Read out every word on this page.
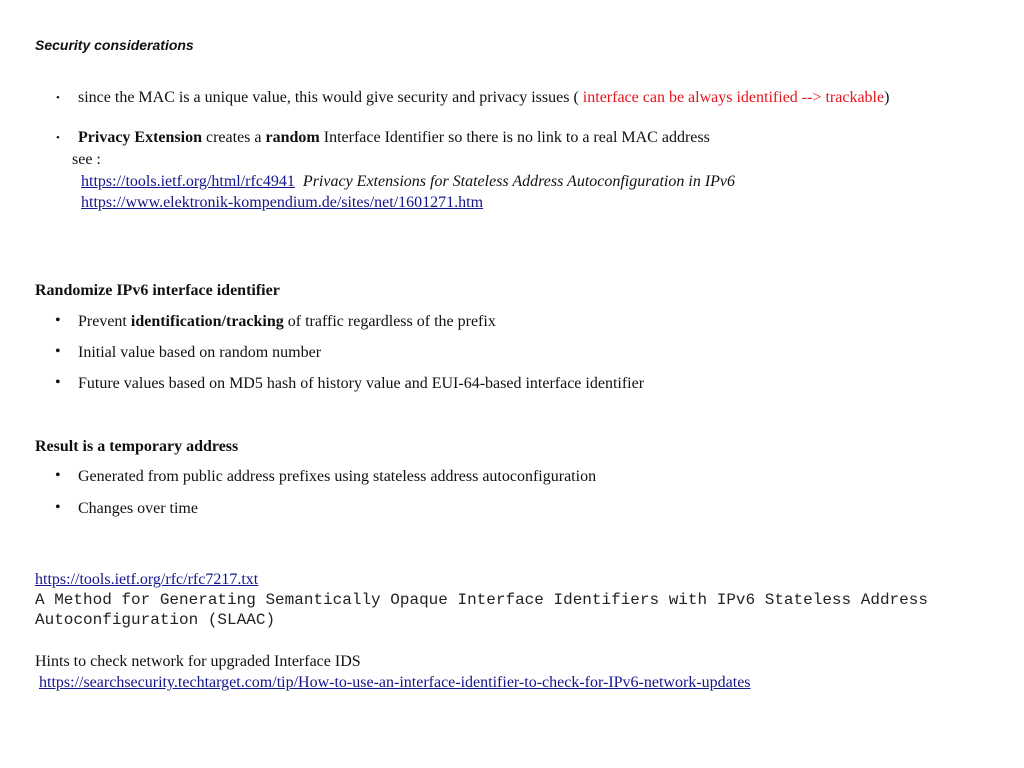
Security considerations
• since the MAC is a unique value, this would give security and privacy issues ( interface can be always identified --> trackable)
• Privacy Extension creates a random Interface Identifier so there is no link to a real MAC address
see :
https://tools.ietf.org/html/rfc4941 Privacy Extensions for Stateless Address Autoconfiguration in IPv6
https://www.elektronik-kompendium.de/sites/net/1601271.htm
Randomize IPv6 interface identifier
• Prevent identification/tracking of traffic regardless of the prefix
• Initial value based on random number
• Future values based on MD5 hash of history value and EUI-64-based interface identifier
Result is a temporary address
• Generated from public address prefixes using stateless address autoconfiguration
• Changes over time
https://tools.ietf.org/rfc/rfc7217.txt
A Method for Generating Semantically Opaque Interface Identifiers with IPv6 Stateless Address
Autoconfiguration (SLAAC)
Hints to check network for upgraded Interface IDS
https://searchsecurity.techtarget.com/tip/How-to-use-an-interface-identifier-to-check-for-IPv6-network-updates
